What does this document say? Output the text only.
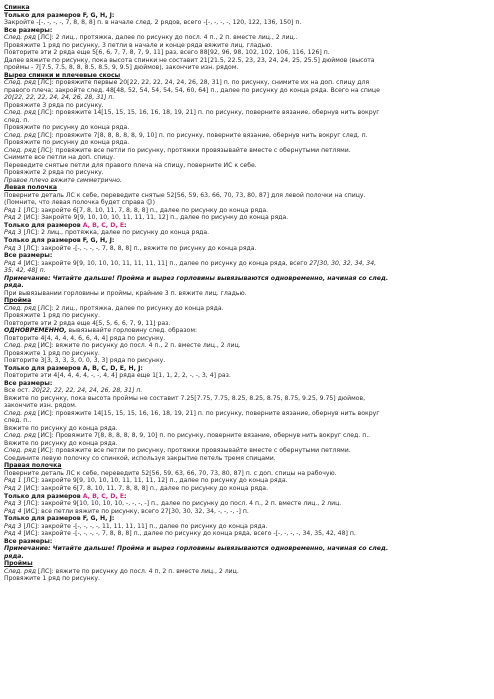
Спинка
Только для размеров F, G, H, J:
Закройте -[-, -, -, -, 7, 8, 8, 8] п. в начале след. 2 рядов, всего -[-, -, -, -, 120, 122, 136, 150] п.
Все размеры:
След. ряд [ЛС]: 2 лиц., протяжка, далее по рисунку до посл. 4 п., 2 п. вместе лиц., 2 лиц..
Провяжите 1 ряд по рисунку, 3 петли в начале и конце ряда вяжите лиц. гладью.
Повторите эти 2 ряда еще 5[6, 6, 7, 7, 8, 7, 9, 11] раз, всего 88[92, 96, 98, 102, 102, 106, 116, 126] п.
Далее вяжите по рисунку, пока высота спинки не составит 21[21.5, 22.5, 23, 23, 24, 24, 25, 25.5] дюймов (высота
проймы - 7[7.5, 7.5, 8, 8, 8.5, 8.5, 9, 9.5] дюймов), закончите изн. рядом.
Вырез спинки и плечевые скосы
След. ряд [ЛС]: провяжите первые 20[22, 22, 22, 24, 24, 26, 28, 31] п. по рисунку, снимите их на доп. спицу для
правого плеча; закройте след. 48[48, 52, 54, 54, 54, 54, 60, 64] п., далее по рисунку до конца ряда. Всего на спице
20[22, 22, 22, 24, 24, 26, 28, 31] п.
Провяжите 3 ряда по рисунку.
След. ряд [ЛС]: провяжите 14[15, 15, 15, 16, 16, 18, 19, 21] п. по рисунку, поверните вязание, обернув нить вокруг
след. п.
Провяжите по рисунку до конца ряда.
След. ряд [ЛС]: провяжите 7[8, 8, 8, 8, 8, 9, 10] п. по рисунку, поверните вязание, обернув нить вокруг след. п.
Провяжите по рисунку до конца ряда.
След. ряд [ЛС]: провяжите все петли по рисунку, протяжки провязывайте вместе с обернутыми петлями.
Снимите все петли на доп. спицу.
Переведите снятые петли для правого плеча на спицу, поверните ИС к себе.
Провяжите 2 ряда по рисунку.
Правое плечо вяжите симметрично.
Левая полочка
Поверните деталь ЛС к себе, переведите снятые 52[56, 59, 63, 66, 70, 73, 80, 87] для левой полочки на спицу.
(Помните, что левая полочка будет справа ☺)
Ряд 1 [ЛС]: закройте 6[7, 8, 10, 11, 7, 8, 8, 8] п., далее по рисунку до конца ряда.
Ряд 2 [ИС]: Закройте 9[9, 10, 10, 10, 11, 11, 11, 12] п., далее по рисунку до конца ряда.
Только для размеров A, B, C, D, E:
Ряд 3 [ЛС]: 2 лиц., протяжка, далее по рисунку до конца ряда.
Только для размеров F, G, H, J:
Ряд 3 [ЛС]: закройте -[-, -, -, -, 7, 8, 8, 8] п., вяжите по рисунку до конца ряда.
Все размеры:
Ряд 4 [ИС]: закройте 9[9, 10, 10, 10, 11, 11, 11, 11] п., далее по рисунку до конца ряда, всего 27[30, 30, 32, 34, 34,
35, 42, 48] п.
Примечание: Читайте дальше! Пройма и вырез горловины вывязываются одновременно, начиная со след.
ряда.
При вывязывании горловины и проймы, крайние 3 п. вяжите лиц. гладью.
Пройма
След. ряд [ЛС]: 2 лиц., протяжка, далее по рисунку до конца ряда.
Провяжите 1 ряд по рисунку.
Повторите эти 2 ряда еще 4[5, 5, 6, 6, 7, 9, 11] раз.
ОДНОВРЕМЕННО, вывязывайте горловину след. образом:
Повторите 4[4, 4, 4, 4, 6, 6, 4, 4] ряда по рисунку.
След. ряд [ИС]: вяжите по рисунку до посл. 4 п., 2 п. вместе лиц., 2 лиц.
Провяжите 1 ряд по рисунку.
Повторите 3[3, 3, 3, 3, 0, 0, 3, 3] ряда по рисунку.
Только для размеров A, B, C, D, E, H, J:
Повторите эти 4[4, 4, 4, 4, -, -, 4, 4] ряда еще 1[1, 1, 2, 2, -, -, 3, 4] раз.
Все размеры:
Все ост. 20[22, 22, 22, 24, 24, 26, 28, 31] п.
Вяжите по рисунку, пока высота проймы не составит 7.25[7.75, 7.75, 8.25, 8.25, 8.75, 8.75, 9.25, 9.75] дюймов,
закончите изн. рядом.
След. ряд [ИС]: провяжите 14[15, 15, 15, 16, 16, 18, 19, 21] п. по рисунку, поверните вязание, обернув нить вокруг
след. п..
Вяжите по рисунку до конца ряда.
След. ряд [ИС]: Провяжите 7[8, 8, 8, 8, 8, 9, 10] п. по рисунку, поверните вязание, обернув нить вокруг след. п..
Вяжите по рисунку до конца ряда.
След. ряд [ИС]: провяжите все петли по рисунку, протяжки провязывайте вместе с обернутыми петлями.
Соедините левую полочку со спинкой, используя закрытие петель тремя спицами.
Правая полочка
Поверните деталь ЛС к себе, переведите 52[56, 59, 63, 66, 70, 73, 80, 87] п. с доп. спицы на рабочую.
Ряд 1 [ЛС]: закройте 9[9, 10, 10, 10, 11, 11, 11, 12] п., далее по рисунку до конца ряда.
Ряд 2 [ИС]: закройте 6[7, 8, 10, 11, 7, 8, 8, 8] п., далее по рисунку до конца ряда.
Только для размеров A, B, C, D, E:
Ряд 3 [ЛС]: закройте 9[10, 10, 10, 10, -, -, -, -] п., далее по рисунку до посл. 4 п., 2 п. вместе лиц., 2 лиц.
Ряд 4 [ИС]: все петли вяжите по рисунку, всего 27[30, 30, 32, 34, -, -, -, -] п.
Только для размеров F, G, H, J:
Ряд 3 [ЛС]: закройте -[-, -, -, -, 11, 11, 11, 11] п., далее по рисунку до конца ряда.
Ряд 4 [ИС]: закройте -[-, -, -, -, 7, 8, 8, 8] п., далее по рисунку до конца ряда, всего -[-, -, -, -, 34, 35, 42, 48] п.
Все размеры:
Примечание: Читайте дальше! Пройма и вырез горловины вывязываются одновременно, начиная со след.
ряда.
Проймы
След. ряд [ЛС]: вяжите по рисунку до посл. 4 п, 2 п. вместе лиц., 2 лиц.
Провяжите 1 ряд по рисунку.
